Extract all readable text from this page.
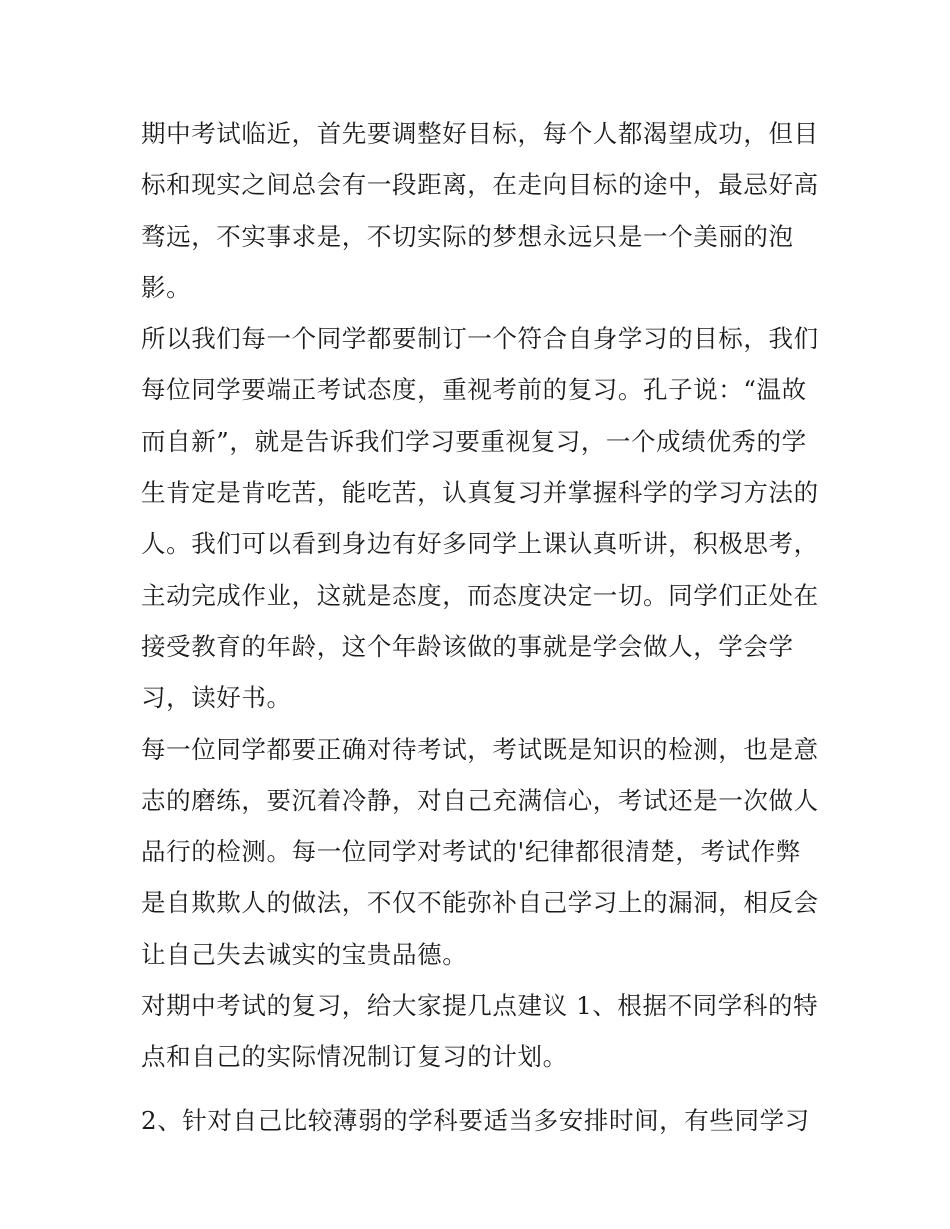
期中考试临近，首先要调整好目标，每个人都渴望成功，但目
标和现实之间总会有一段距离，在走向目标的途中，最忌好高
骛远，不实事求是，不切实际的梦想永远只是一个美丽的泡
影。

所以我们每一个同学都要制订一个符合自身学习的目标，我们
每位同学要端正考试态度，重视考前的复习。孔子说：“温故
而自新”，就是告诉我们学习要重视复习，一个成绩优秀的学
生肯定是肯吃苦，能吃苦，认真复习并掌握科学的学习方法的
人。我们可以看到身边有好多同学上课认真听讲，积极思考，
主动完成作业，这就是态度，而态度决定一切。同学们正处在
接受教育的年龄，这个年龄该做的事就是学会做人，学会学
习，读好书。

每一位同学都要正确对待考试，考试既是知识的检测，也是意
志的磨练，要沉着冷静，对自己充满信心，考试还是一次做人
品行的检测。每一位同学对考试的'纪律都很清楚，考试作弊
是自欺欺人的做法，不仅不能弥补自己学习上的漏洞，相反会
让自己失去诚实的宝贵品德。

对期中考试的复习，给大家提几点建议 1、根据不同学科的特
点和自己的实际情况制订复习的计划。

2、针对自己比较薄弱的学科要适当多安排时间，有些同学习
